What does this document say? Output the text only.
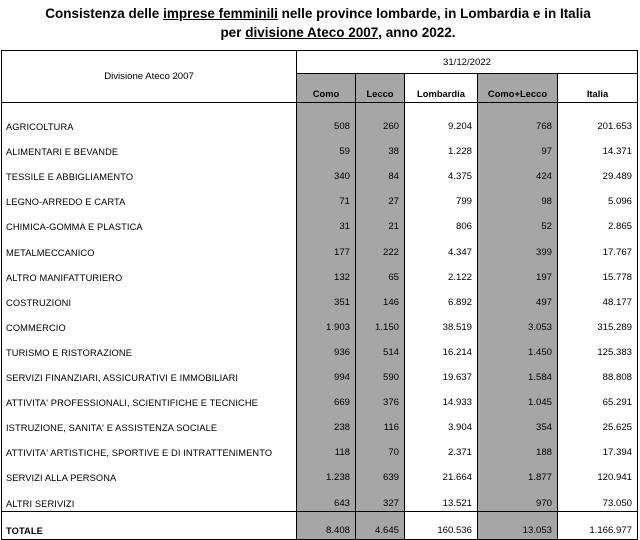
Consistenza delle imprese femminili nelle province lombarde, in Lombardia e in Italia
per divisione Ateco 2007, anno 2022.
Divisione Ateco 2007	31/12/2022				
	Como	Lecco	Lombardia	Como+Lecco	Italia
AGRICOLTURA	508	260	9.204	768	201.653
ALIMENTARI E BEVANDE	59	38	1.228	97	14.371
TESSILE E ABBIGLIAMENTO	340	84	4.375	424	29.489
LEGNO-ARREDO E CARTA	71	27	799	98	5.096
CHIMICA-GOMMA E PLASTICA	31	21	806	52	2.865
METALMECCANICO	177	222	4.347	399	17.767
ALTRO MANIFATTURIERO	132	65	2.122	197	15.778
COSTRUZIONI	351	146	6.892	497	48.177
COMMERCIO	1.903	1.150	38.519	3.053	315.289
TURISMO E RISTORAZIONE	936	514	16.214	1.450	125.383
SERVIZI FINANZIARI, ASSICURATIVI E IMMOBILIARI	994	590	19.637	1.584	88.808
ATTIVITA' PROFESSIONALI, SCIENTIFICHE E TECNICHE	669	376	14.933	1.045	65.291
ISTRUZIONE, SANITA' E ASSISTENZA SOCIALE	238	116	3.904	354	25.625
ATTIVITA' ARTISTICHE, SPORTIVE E DI INTRATTENIMENTO	118	70	2.371	188	17.394
SERVIZI ALLA PERSONA	1.238	639	21.664	1.877	120.941
ALTRI SERIVIZI	643	327	13.521	970	73.050
TOTALE	8.408	4.645	160.536	13.053	1.166.977
